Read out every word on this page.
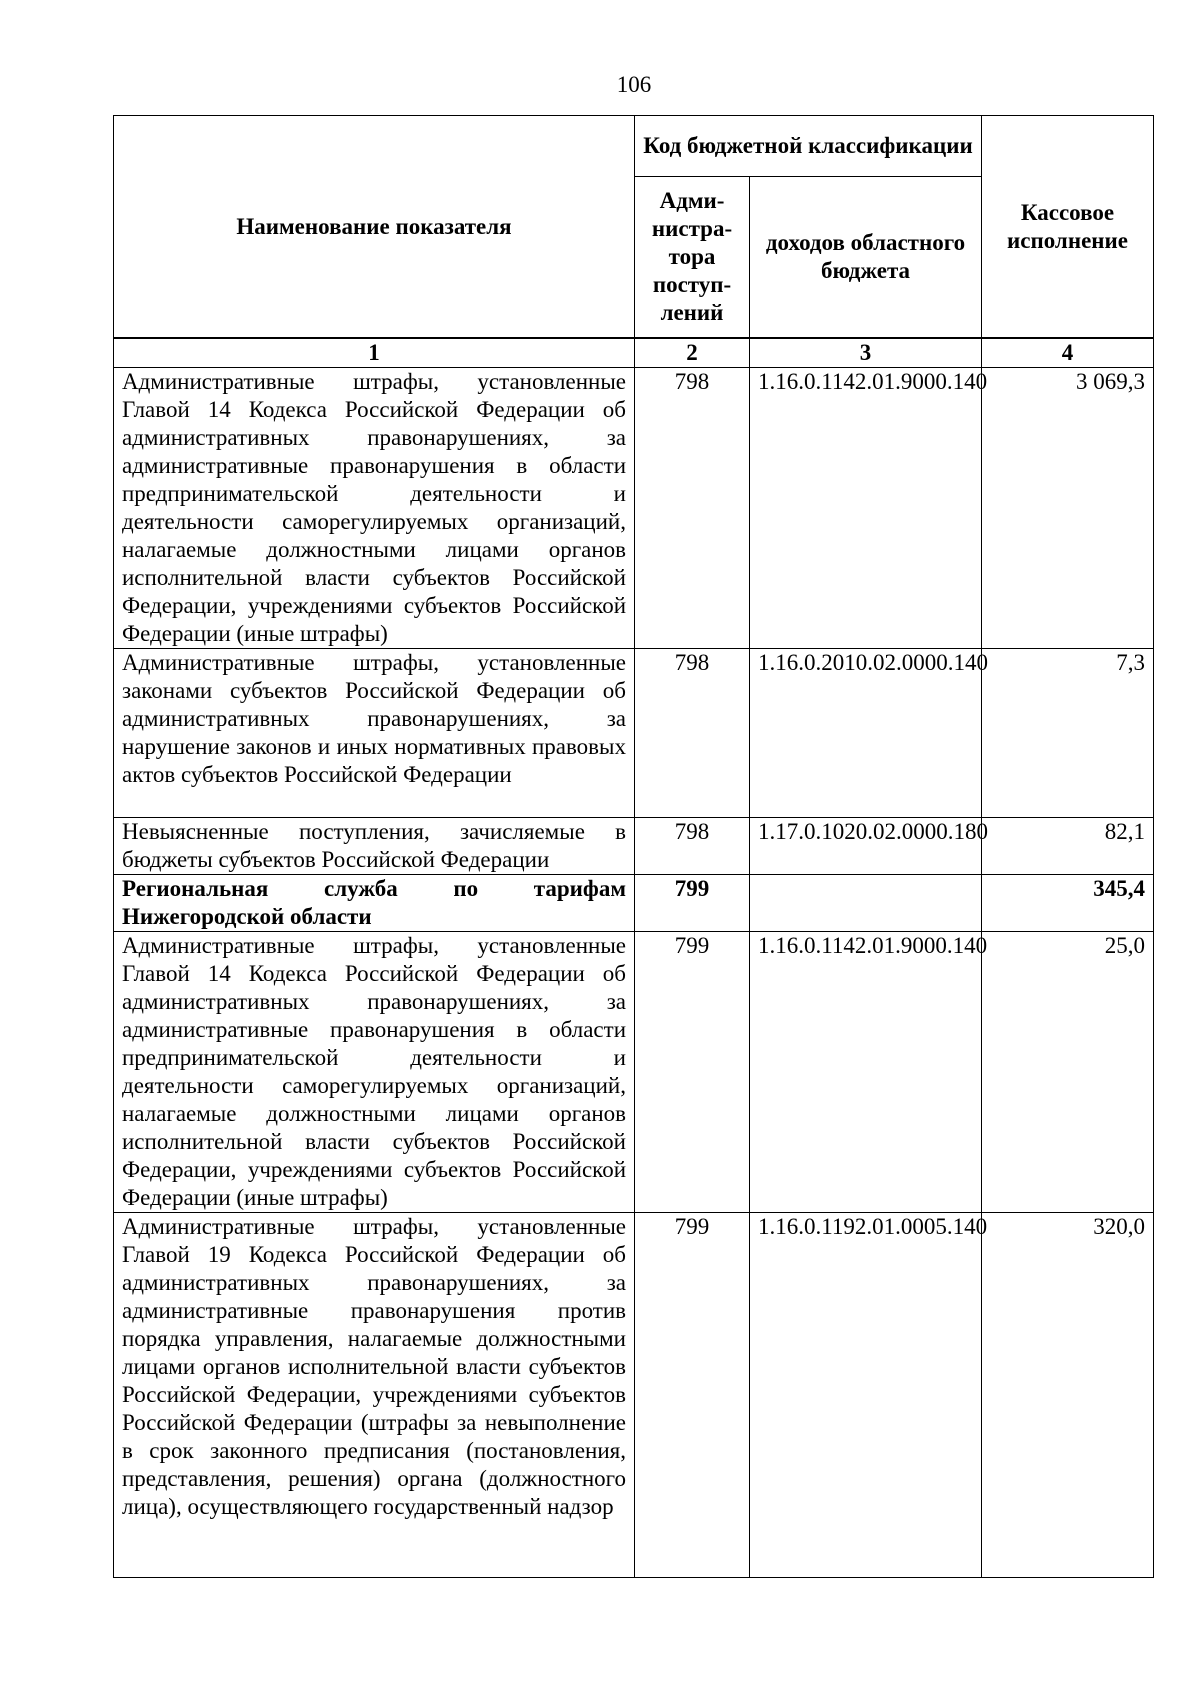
106
Наименование показателя	Код бюджетной классификации		Кассовое исполнение
	Адми-нистра-тора поступ-лений	доходов областного бюджета	
1	2	3	4
Административные штрафы, установленные Главой 14 Кодекса Российской Федерации об административных правонарушениях, за административные правонарушения в области предпринимательской деятельности и деятельности саморегулируемых организаций, налагаемые должностными лицами органов исполнительной власти субъектов Российской Федерации, учреждениями субъектов Российской Федерации (иные штрафы)	798	1.16.0.1142.01.9000.140	3 069,3
Административные штрафы, установленные законами субъектов Российской Федерации об административных правонарушениях, за нарушение законов и иных нормативных правовых актов субъектов Российской Федерации	798	1.16.0.2010.02.0000.140	7,3
Невыясненные поступления, зачисляемые в бюджеты субъектов Российской Федерации	798	1.17.0.1020.02.0000.180	82,1
Региональная служба по тарифам Нижегородской области	799		345,4
Административные штрафы, установленные Главой 14 Кодекса Российской Федерации об административных правонарушениях, за административные правонарушения в области предпринимательской деятельности и деятельности саморегулируемых организаций, налагаемые должностными лицами органов исполнительной власти субъектов Российской Федерации, учреждениями субъектов Российской Федерации (иные штрафы)	799	1.16.0.1142.01.9000.140	25,0
Административные штрафы, установленные Главой 19 Кодекса Российской Федерации об административных правонарушениях, за административные правонарушения против порядка управления, налагаемые должностными лицами органов исполнительной власти субъектов Российской Федерации, учреждениями субъектов Российской Федерации (штрафы за невыполнение в срок законного предписания (постановления, представления, решения) органа (должностного лица), осуществляющего государственный надзор	799	1.16.0.1192.01.0005.140	320,0
